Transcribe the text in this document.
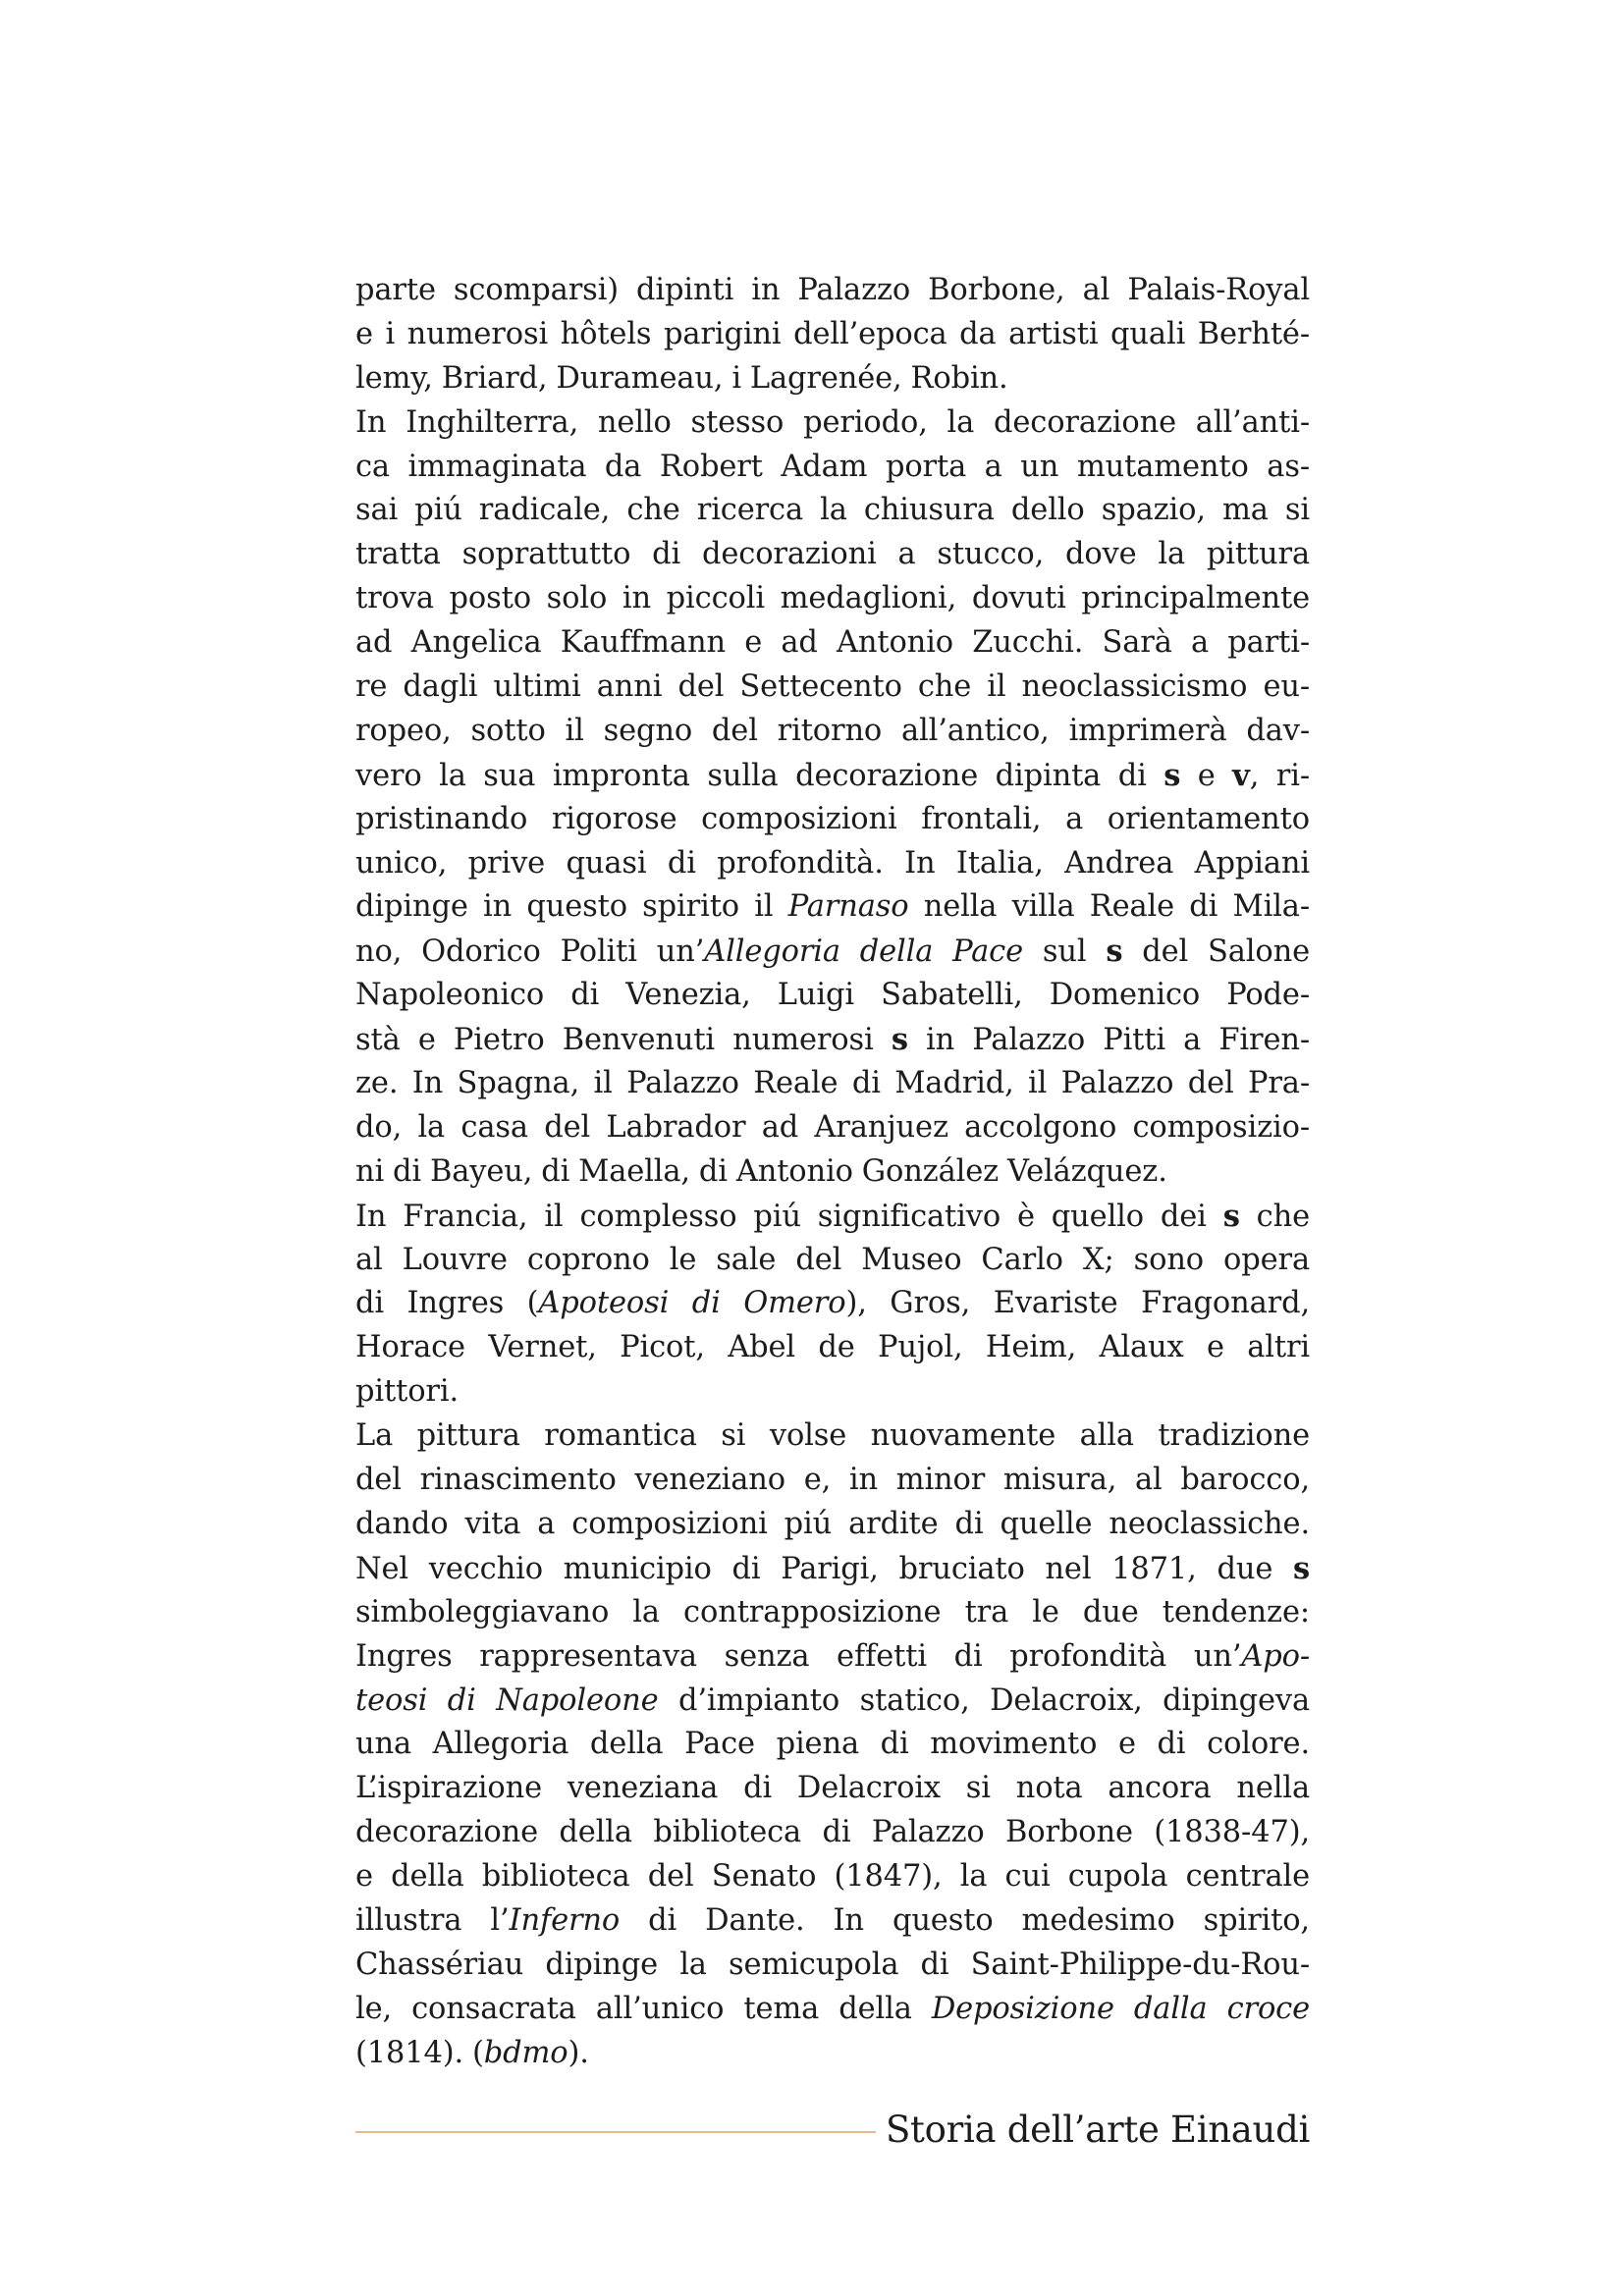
parte scomparsi) dipinti in Palazzo Borbone, al Palais-Royal
e i numerosi hôtels parigini dell’epoca da artisti quali Berhté-
lemy, Briard, Durameau, i Lagrenée, Robin.
In Inghilterra, nello stesso periodo, la decorazione all’anti-
ca immaginata da Robert Adam porta a un mutamento as-
sai piú radicale, che ricerca la chiusura dello spazio, ma si
tratta soprattutto di decorazioni a stucco, dove la pittura
trova posto solo in piccoli medaglioni, dovuti principalmente
ad Angelica Kauffmann e ad Antonio Zucchi. Sarà a parti-
re dagli ultimi anni del Settecento che il neoclassicismo eu-
ropeo, sotto il segno del ritorno all’antico, imprimerà dav-
vero la sua impronta sulla decorazione dipinta di s e v, ri-
pristinando rigorose composizioni frontali, a orientamento
unico, prive quasi di profondità. In Italia, Andrea Appiani
dipinge in questo spirito il Parnaso nella villa Reale di Mila-
no, Odorico Politi un’Allegoria della Pace sul s del Salone
Napoleonico di Venezia, Luigi Sabatelli, Domenico Pode-
stà e Pietro Benvenuti numerosi s in Palazzo Pitti a Firen-
ze. In Spagna, il Palazzo Reale di Madrid, il Palazzo del Pra-
do, la casa del Labrador ad Aranjuez accolgono composizio-
ni di Bayeu, di Maella, di Antonio González Velázquez.
In Francia, il complesso piú significativo è quello dei s che
al Louvre coprono le sale del Museo Carlo X; sono opera
di Ingres (Apoteosi di Omero), Gros, Evariste Fragonard,
Horace Vernet, Picot, Abel de Pujol, Heim, Alaux e altri
pittori.
La pittura romantica si volse nuovamente alla tradizione
del rinascimento veneziano e, in minor misura, al barocco,
dando vita a composizioni piú ardite di quelle neoclassiche.
Nel vecchio municipio di Parigi, bruciato nel 1871, due s
simboleggiavano la contrapposizione tra le due tendenze:
Ingres rappresentava senza effetti di profondità un’Apo-
teosi di Napoleone d’impianto statico, Delacroix, dipingeva
una Allegoria della Pace piena di movimento e di colore.
L’ispirazione veneziana di Delacroix si nota ancora nella
decorazione della biblioteca di Palazzo Borbone (1838-47),
e della biblioteca del Senato (1847), la cui cupola centrale
illustra l’Inferno di Dante. In questo medesimo spirito,
Chassériau dipinge la semicupola di Saint-Philippe-du-Rou-
le, consacrata all’unico tema della Deposizione dalla croce
(1814). (bdmo).
Storia dell’arte Einaudi
